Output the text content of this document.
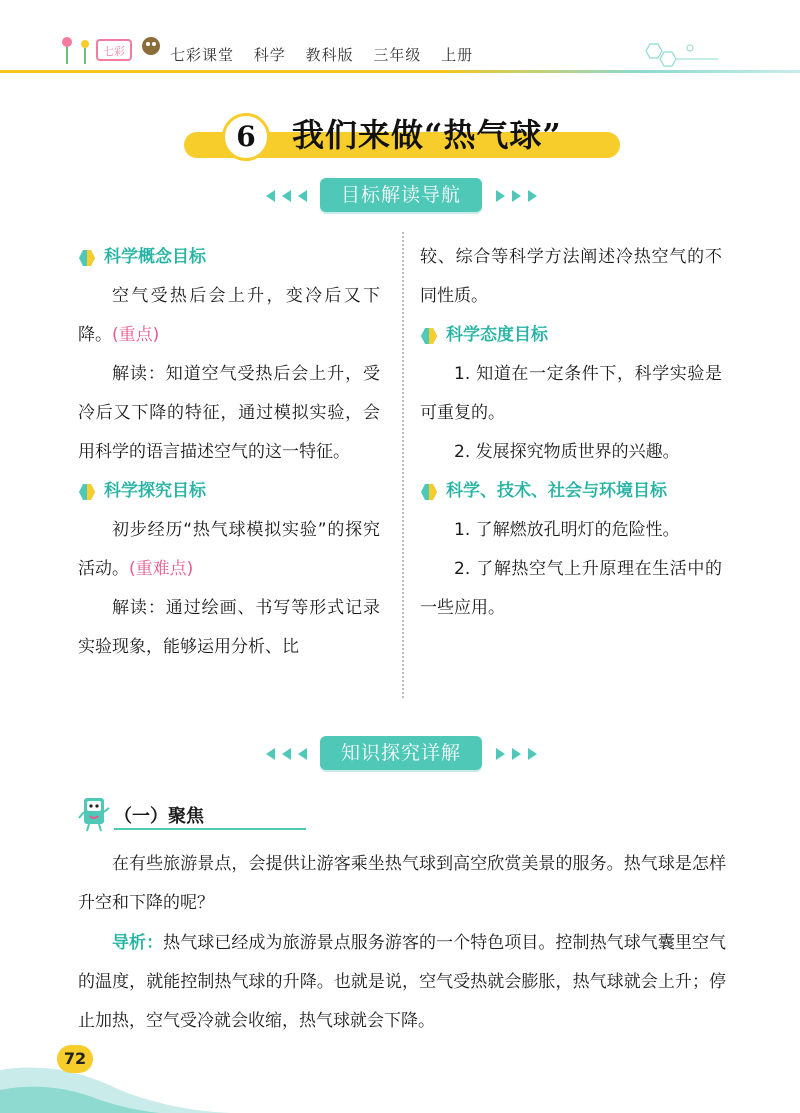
七彩	七彩课堂 科学 教科版 三年级 上册
6	我们来做“热气球”
目标解读导航
科学概念目标

空气受热后会上升，变冷后又下降。(重点)

解读：知道空气受热后会上升，受冷后又下降的特征，通过模拟实验，会用科学的语言描述空气的这一特征。

科学探究目标

初步经历“热气球模拟实验”的探究活动。(重难点)

解读：通过绘画、书写等形式记录实验现象，能够运用分析、比

较、综合等科学方法阐述冷热空气的不同性质。

科学态度目标

1. 知道在一定条件下，科学实验是可重复的。

2. 发展探究物质世界的兴趣。

科学、技术、社会与环境目标

1. 了解燃放孔明灯的危险性。

2. 了解热空气上升原理在生活中的一些应用。

知识探究详解
（一）聚焦

在有些旅游景点，会提供让游客乘坐热气球到高空欣赏美景的服务。热气球是怎样升空和下降的呢？

导析：热气球已经成为旅游景点服务游客的一个特色项目。控制热气球气囊里空气的温度，就能控制热气球的升降。也就是说，空气受热就会膨胀，热气球就会上升；停止加热，空气受冷就会收缩，热气球就会下降。

72
